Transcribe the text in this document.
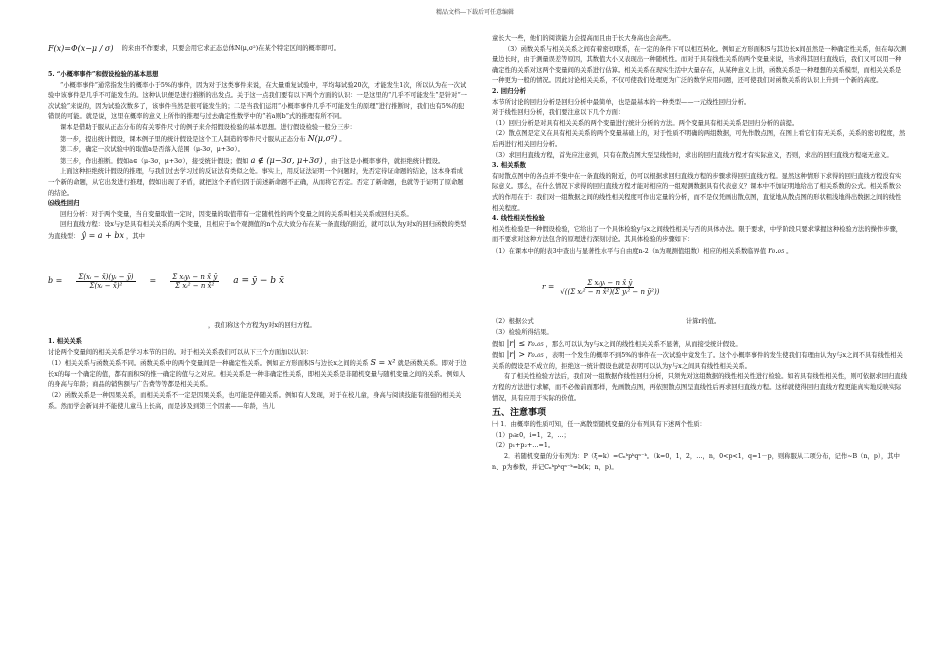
精品文档---下载后可任意编辑
F(x)=Φ(x−μ / σ) 的来由不作要求，只要会用它求正态总体N(μ,σ²)在某个特定区间的概率即可。

5. “小概率事件”和假设检验的基本思想

“小概率事件”通常指发生的概率小于5%的事件，因为对于这类事件来说，在大量重复试验中，平均每试验20次，才能发生1次，所以认为在一次试验中该事件是几乎不可能发生的。这种认识便是进行推断的出发点。关于这一点我们要有以下两个方面的认识：一是这里的“几乎不可能发生”是针对“一次试验”来说的，因为试验次数多了，该事件当然是很可能发生的；二是当我们运用“小概率事件几乎不可能发生的原理”进行推断时，我们也有5%的犯错误的可能。就是说，这里在概率的意义上所作的推理与过去确定性数学中的“若a则b”式的推理有所不同。

课本是借助于服从正态分布的有关零件尺寸的例子来介绍假设检验的基本思想。进行假设检验一般分三步：

第一步，提出统计假设，课本例子里的统计假设是这个工人制造的零件尺寸服从正态分布 N(μ,σ²) 。

第二步，确定一次试验中的取值a是否落入范围（μ-3σ，μ+3σ）。

第三步，作出推断。假如a∈（μ-3σ，μ+3σ），接受统计假设；假如 a ∉ (μ−3σ, μ+3σ) ，由于这是小概率事件，就拒绝统计假设。

上面这种拒绝统计假设的推理，与我们过去学习过的反证法有类似之处。事实上，用反证法证明一个问题时，先否定待证命题的结论，这本身看成一个新的命题，从它出发进行推理，假如出现了矛盾，就把这个矛盾归因于前述新命题不正确，从而将它否定。否定了新命题，也就等于证明了原命题的结论。

⑹线性回归

回归分析：对于两个变量，当自变量取值一定时，因变量的取值带有一定随机性的两个变量之间的关系叫相关关系或回归关系。

回归直线方程：设x与y是具有相关关系的两个变量，且相应于n个观测值的n个点大致分布在某一条直线的附近，就可以认为y对x的回归函数的类型为直线型： ŷ = a + bx ，其中

$b = \frac{\text{Σ(xᵢ − x̄)(yᵢ − ȳ)}}{\text{Σ(xᵢ − x̄)²}} = \frac{\text{Σ xᵢyᵢ − n x̄ ȳ}}{\text{Σ xᵢ² − n x̄²}}$ a = ȳ − b x̄

，我们称这个方程为y对x的回归方程。

1. 相关关系

讨论两个变量间的相关关系是学习本节的目的。对于相关关系我们可以从下三个方面加以认识：

（1）相关关系与函数关系不同。函数关系中的两个变量间是一种确定性关系。例如正方形面积S与边长x之间的关系 S = x² 就是函数关系。即对于边长x的每一个确定的值，都有面积S的惟一确定的值与之对应。相关关系是一种非确定性关系，即相关关系是非随机变量与随机变量之间的关系。例如人的身高与年龄；商品的销售额与广告费等等都是相关关系。

（2）函数关系是一种因果关系，而相关关系不一定是因果关系，也可能是伴随关系。例如有人发现，对于在校儿童，身高与阅读技能有很强的相关关系。然而学会新词并不能使儿童马上长高，而是涉及到第三个因素——年龄，当儿

童长大一些，他们的阅读能力会提高而且由于长大身高也会高些。

（3）函数关系与相关关系之间有着密切联系，在一定的条件下可以相互转化。例如正方形面积S与其边长x间虽然是一种确定性关系，但在每次测量边长时，由于测量误差等原因，其数值大小又表现出一种随机性。而对于具有线性关系的两个变量来说，当求得其回归直线后，我们又可以用一种确定性的关系对这两个变量间的关系进行估算。相关关系在现实生活中大量存在，从某种意义上讲，函数关系是一种理想的关系模型，而相关关系是一种更为一般的情况。因此讨论相关关系，不仅可使我们处理更为广泛的数学应用问题，还可使我们对函数关系的认识上升到一个新的高度。

2. 回归分析

本节所讨论的回归分析是回归分析中最简单，也是最基本的一种类型——一元线性回归分析。

对于线性回归分析，我们要注意以下几个方面：

（1）回归分析是对具有相关关系的两个变量进行统计分析的方法。两个变量具有相关关系是回归分析的前提。

（2）散点图是定义在具有相关关系的两个变量基础上的，对于性质不明确的两组数据，可先作散点图，在图上看它们有无关系，关系的密切程度，然后再进行相关回归分析。

（3）求回归直线方程，首先应注意到，只有在散点图大至呈线性时，求出的回归直线方程才有实际意义，否则，求出的回归直线方程毫无意义。

3. 相关系数

有时散点图中的各点并不集中在一条直线的附近，仍可以根据求回归直线方程的步骤求得回归直线方程。显然这种情形下求得的回归直线方程没有实际意义。那么，在什么情况下求得的回归直线方程才能对相应的一组观测数据具有代表意义？课本中不加证明地给出了相关系数的公式。相关系数公式的作用在于：我们对一组数据之间的线性相关程度可作出定量的分析，而不是仅凭画出散点图，直觉地从散点图的形状粗浅地得出数据之间的线性相关程度。

4. 线性相关性检验

相关性检验是一种假设检验，它给出了一个具体检验y与x之间线性相关与否的具体办法。限于要求，中学阶段只要求掌握这种检验方法的操作步骤，而不要求对这种方法包含的原理进行深刻讨论。其具体检验的步骤如下：

（1）在课本中的附表3中查出与显著性水平与自由度n-2（n为观测值组数）相应的相关系数临界值 r₀.₀₅ 。

$r = \frac{\text{Σ xᵢyᵢ − n x̄ ȳ}}{\text{√((Σ xᵢ² − n x̄²)(Σ yᵢ² − n ȳ²))}}$

（2）根据公式	计算r的值。

（3）检验所得结果。

假如 |r| ≤ r₀.₀₅ ，那么可以认为y与x之间的线性相关关系不显著，从而接受统计假设。

假如 |r| > r₀.₀₅ ，表明一个发生的概率不到5%的事件在一次试验中竟发生了。这个小概率事件的发生使我们有理由认为y与x之间不具有线性相关关系的假设是不成立的，拒绝这一统计假设也就是表明可以认为y与x之间具有线性相关关系。

有了相关性检验方法后，我们对一组数据作线性回归分析，只须先对这组数据的线性相关性进行检验。如若具有线性相关性，则可依据求回归直线方程的方法进行求解，而不必像前面那样，先画散点图，再依照散点图呈直线性后再求回归直线方程。这样就使得回归直线方程更能真实地反映实际情况，具有应用于实际的价值。

五、注意事项

㈠ 1．由概率的性质可知，任一离散型随机变量的分布列具有下述两个性质：

（1）pᵢ≥0，i=1，2，…；

（2）p₁+p₂+…=1。

2．若随机变量的分布列为：P（ξ=k）=Cₙᵏpᵏqⁿ⁻ᵏ。（k=0，1，2，…，n，0<p<1，q=1－p，则称服从二项分布，记作~B（n，p），其中n、p为参数，并记Cₙᵏpᵏqⁿ⁻ᵏ=b(k；n，p)。
